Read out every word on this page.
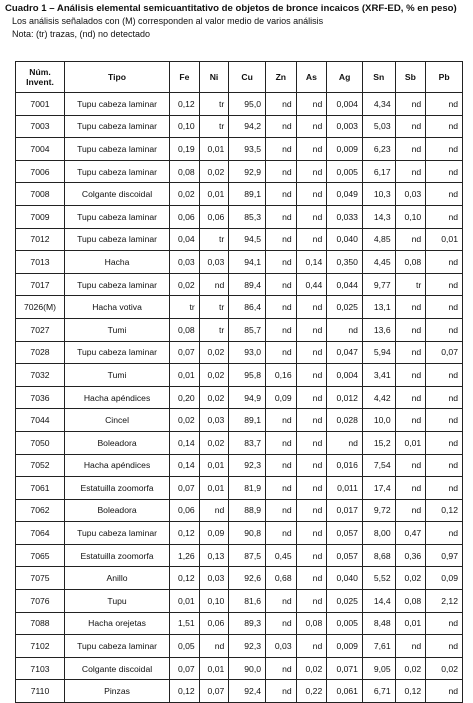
Cuadro 1 – Análisis elemental semicuantitativo de objetos de bronce incaicos (XRF-ED, % en peso)
Los análisis señalados con (M) corresponden al valor medio de varios análisis
Nota: (tr) trazas, (nd) no detectado
Núm.
Invent.	Tipo	Fe	Ni	Cu	Zn	As	Ag	Sn	Sb	Pb
7001	Tupu cabeza laminar	0,12	tr	95,0	nd	nd	0,004	4,34	nd	nd
7003	Tupu cabeza laminar	0,10	tr	94,2	nd	nd	0,003	5,03	nd	nd
7004	Tupu cabeza laminar	0,19	0,01	93,5	nd	nd	0,009	6,23	nd	nd
7006	Tupu cabeza laminar	0,08	0,02	92,9	nd	nd	0,005	6,17	nd	nd
7008	Colgante discoidal	0,02	0,01	89,1	nd	nd	0,049	10,3	0,03	nd
7009	Tupu cabeza laminar	0,06	0,06	85,3	nd	nd	0,033	14,3	0,10	nd
7012	Tupu cabeza laminar	0,04	tr	94,5	nd	nd	0,040	4,85	nd	0,01
7013	Hacha	0,03	0,03	94,1	nd	0,14	0,350	4,45	0,08	nd
7017	Tupu cabeza laminar	0,02	nd	89,4	nd	0,44	0,044	9,77	tr	nd
7026(M)	Hacha votiva	tr	tr	86,4	nd	nd	0,025	13,1	nd	nd
7027	Tumi	0,08	tr	85,7	nd	nd	nd	13,6	nd	nd
7028	Tupu cabeza laminar	0,07	0,02	93,0	nd	nd	0,047	5,94	nd	0,07
7032	Tumi	0,01	0,02	95,8	0,16	nd	0,004	3,41	nd	nd
7036	Hacha apéndices	0,20	0,02	94,9	0,09	nd	0,012	4,42	nd	nd
7044	Cincel	0,02	0,03	89,1	nd	nd	0,028	10,0	nd	nd
7050	Boleadora	0,14	0,02	83,7	nd	nd	nd	15,2	0,01	nd
7052	Hacha apéndices	0,14	0,01	92,3	nd	nd	0,016	7,54	nd	nd
7061	Estatuilla zoomorfa	0,07	0,01	81,9	nd	nd	0,011	17,4	nd	nd
7062	Boleadora	0,06	nd	88,9	nd	nd	0,017	9,72	nd	0,12
7064	Tupu cabeza laminar	0,12	0,09	90,8	nd	nd	0,057	8,00	0,47	nd
7065	Estatuilla zoomorfa	1,26	0,13	87,5	0,45	nd	0,057	8,68	0,36	0,97
7075	Anillo	0,12	0,03	92,6	0,68	nd	0,040	5,52	0,02	0,09
7076	Tupu	0,01	0,10	81,6	nd	nd	0,025	14,4	0,08	2,12
7088	Hacha orejetas	1,51	0,06	89,3	nd	0,08	0,005	8,48	0,01	nd
7102	Tupu cabeza laminar	0,05	nd	92,3	0,03	nd	0,009	7,61	nd	nd
7103	Colgante discoidal	0,07	0,01	90,0	nd	0,02	0,071	9,05	0,02	0,02
7110	Pinzas	0,12	0,07	92,4	nd	0,22	0,061	6,71	0,12	nd
